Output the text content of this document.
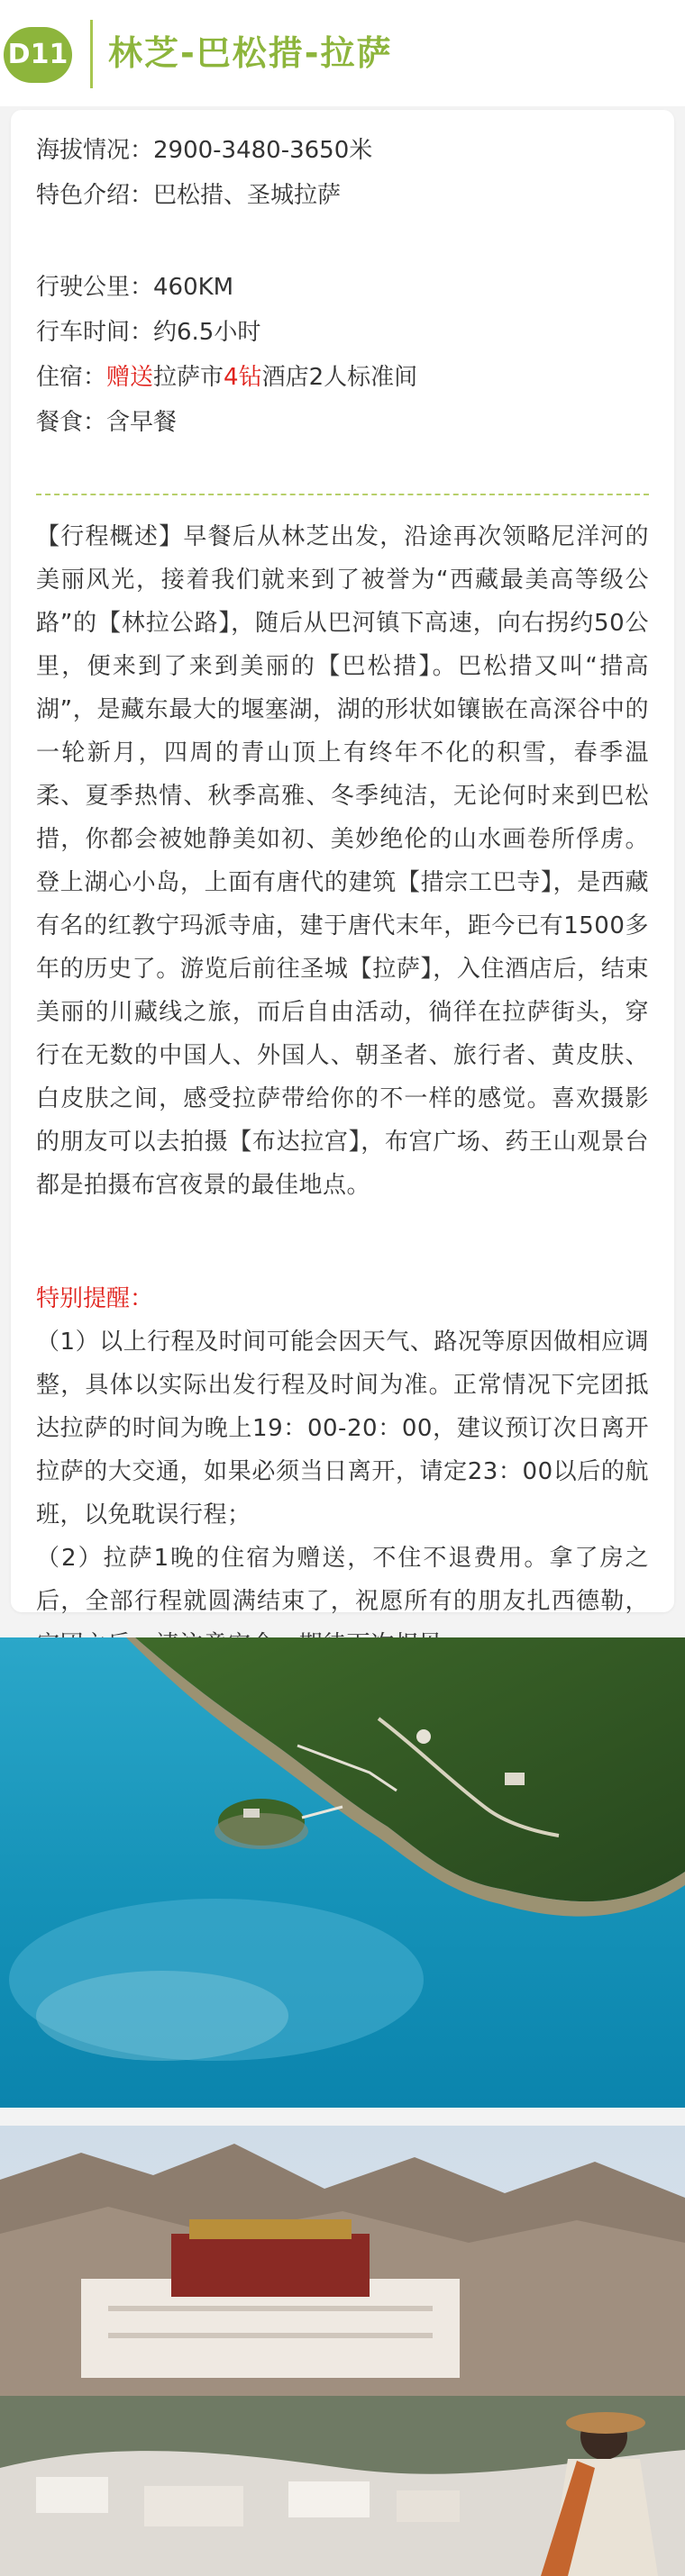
D11 林芝-巴松措-拉萨
海拔情况：2900-3480-3650米
特色介绍：巴松措、圣城拉萨
行驶公里：460KM
行车时间：约6.5小时
住宿：赠送拉萨市4钻酒店2人标准间
餐食：含早餐
【行程概述】早餐后从林芝出发，沿途再次领略尼洋河的美丽风光，接着我们就来到了被誉为“西藏最美高等级公路”的【林拉公路】，随后从巴河镇下高速，向右拐约50公里，便来到了来到美丽的【巴松措】。巴松措又叫“措高湖”，是藏东最大的堰塞湖，湖的形状如镶嵌在高深谷中的一轮新月，四周的青山顶上有终年不化的积雪，春季温柔、夏季热情、秋季高雅、冬季纯洁，无论何时来到巴松措，你都会被她静美如初、美妙绝伦的山水画卷所俘虏。登上湖心小岛，上面有唐代的建筑【措宗工巴寺】，是西藏有名的红教宁玛派寺庙，建于唐代末年，距今已有1500多年的历史了。游览后前往圣城【拉萨】，入住酒店后，结束美丽的川藏线之旅，而后自由活动，徜徉在拉萨街头，穿行在无数的中国人、外国人、朝圣者、旅行者、黄皮肤、白皮肤之间，感受拉萨带给你的不一样的感觉。喜欢摄影的朋友可以去拍摄【布达拉宫】，布宫广场、药王山观景台都是拍摄布宫夜景的最佳地点。
特别提醒：

（1）以上行程及时间可能会因天气、路况等原因做相应调整，具体以实际出发行程及时间为准。正常情况下完团抵达拉萨的时间为晚上19：00-20：00，建议预订次日离开拉萨的大交通，如果必须当日离开，请定23：00以后的航班，以免耽误行程；

（2）拉萨1晚的住宿为赠送，不住不退费用。拿了房之后，全部行程就圆满结束了，祝愿所有的朋友扎西德勒，
